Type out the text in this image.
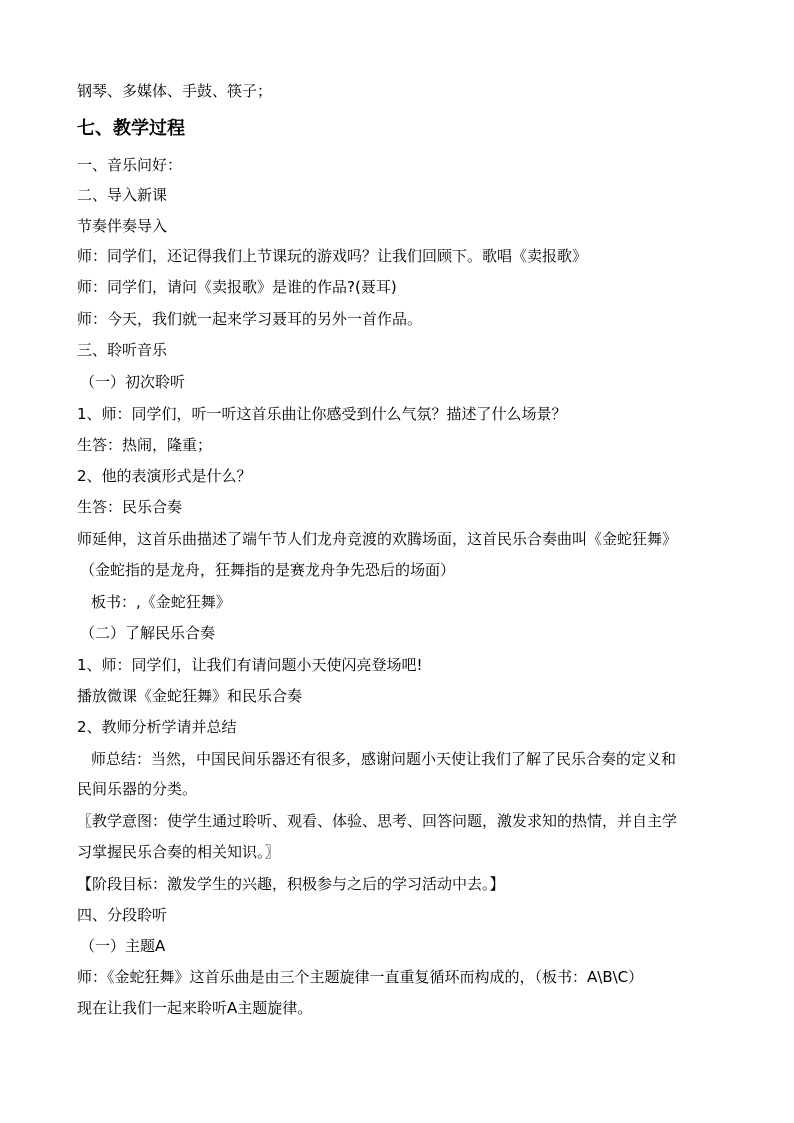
钢琴、多媒体、手鼓、筷子；
七、教学过程
一、音乐问好：
二、导入新课
节奏伴奏导入
师：同学们，还记得我们上节课玩的游戏吗？让我们回顾下。歌唱《卖报歌》
师：同学们，请问《卖报歌》是谁的作品?(聂耳)
师：今天，我们就一起来学习聂耳的另外一首作品。
三、聆听音乐
（一）初次聆听
1、师：同学们，听一听这首乐曲让你感受到什么气氛？描述了什么场景？
生答：热闹，隆重；
2、他的表演形式是什么？
生答：民乐合奏
师延伸，这首乐曲描述了端午节人们龙舟竞渡的欢腾场面，这首民乐合奏曲叫《金蛇狂舞》
（金蛇指的是龙舟，狂舞指的是赛龙舟争先恐后的场面）
板书：,《金蛇狂舞》
（二）了解民乐合奏
1、师：同学们，让我们有请问题小天使闪亮登场吧!
播放微课《金蛇狂舞》和民乐合奏
2、教师分析学请并总结
师总结：当然，中国民间乐器还有很多，感谢问题小天使让我们了解了民乐合奏的定义和
民间乐器的分类。
〖教学意图：使学生通过聆听、观看、体验、思考、回答问题，激发求知的热情，并自主学
习掌握民乐合奏的相关知识。〗
【阶段目标：激发学生的兴趣，积极参与之后的学习活动中去。】
四、分段聆听
（一）主题A
师：《金蛇狂舞》这首乐曲是由三个主题旋律一直重复循环而构成的，（板书：A\B\C）
现在让我们一起来聆听A主题旋律。
